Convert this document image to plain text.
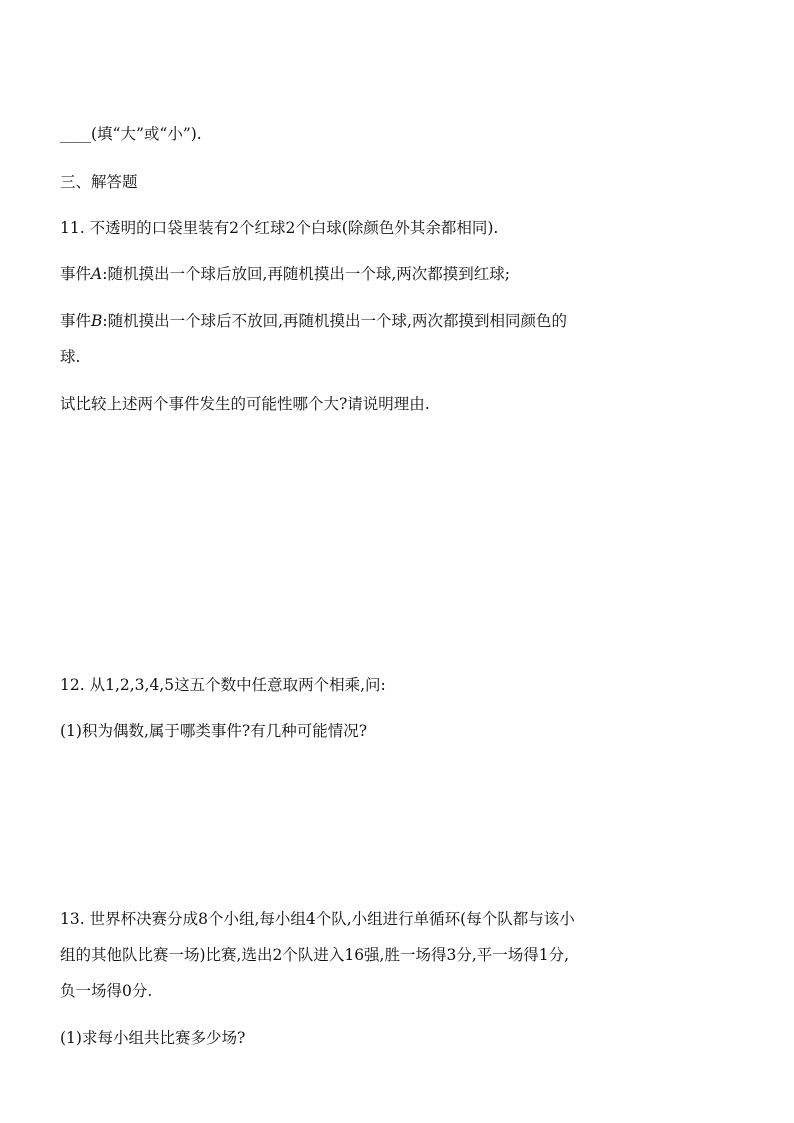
____(填“大”或“小”).
三、解答题
11. 不透明的口袋里装有2个红球2个白球(除颜色外其余都相同).
事件A:随机摸出一个球后放回,再随机摸出一个球,两次都摸到红球;
事件B:随机摸出一个球后不放回,再随机摸出一个球,两次都摸到相同颜色的
球.
试比较上述两个事件发生的可能性哪个大?请说明理由.
12. 从1,2,3,4,5这五个数中任意取两个相乘,问:
(1)积为偶数,属于哪类事件?有几种可能情况?
13. 世界杯决赛分成8个小组,每小组4个队,小组进行单循环(每个队都与该小
组的其他队比赛一场)比赛,选出2个队进入16强,胜一场得3分,平一场得1分,
负一场得0分.
(1)求每小组共比赛多少场?
